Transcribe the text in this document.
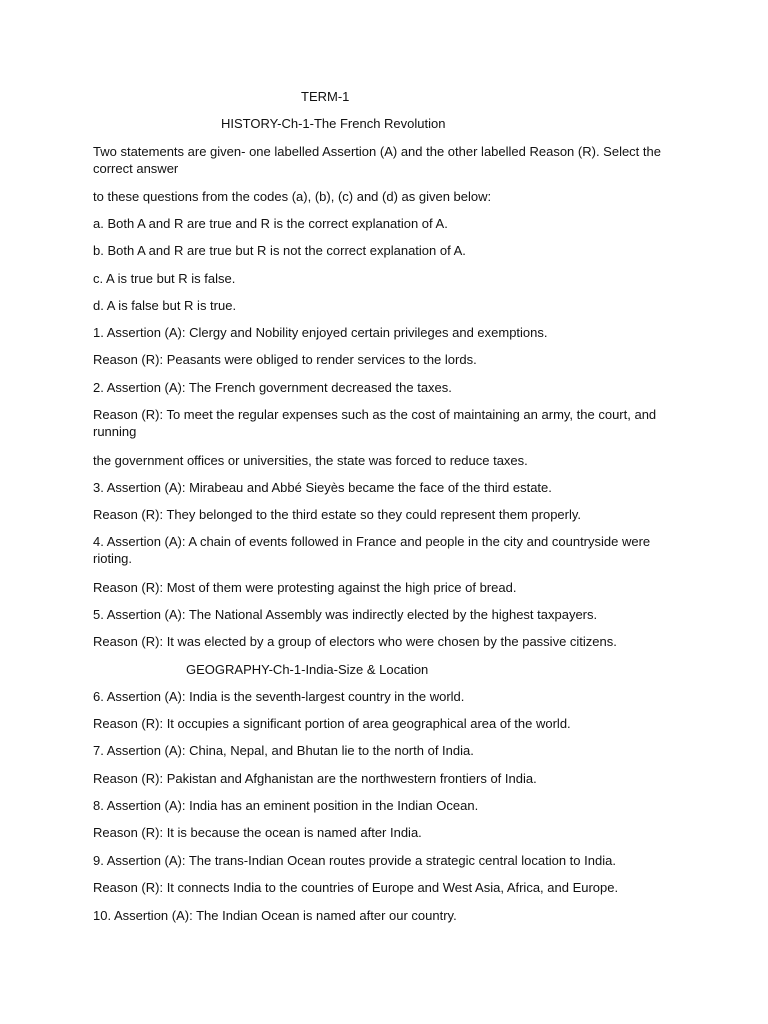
TERM-1
HISTORY-Ch-1-The French Revolution
Two statements are given- one labelled Assertion (A) and the other labelled Reason (R). Select the correct answer
to these questions from the codes (a), (b), (c) and (d) as given below:
a. Both A and R are true and R is the correct explanation of A.
b. Both A and R are true but R is not the correct explanation of A.
c. A is true but R is false.
d. A is false but R is true.
1. Assertion (A): Clergy and Nobility enjoyed certain privileges and exemptions.
Reason (R): Peasants were obliged to render services to the lords.
2. Assertion (A): The French government decreased the taxes.
Reason (R): To meet the regular expenses such as the cost of maintaining an army, the court, and running
the government offices or universities, the state was forced to reduce taxes.
3. Assertion (A): Mirabeau and Abbé Sieyès became the face of the third estate.
Reason (R): They belonged to the third estate so they could represent them properly.
4. Assertion (A): A chain of events followed in France and people in the city and countryside were rioting.
Reason (R): Most of them were protesting against the high price of bread.
5. Assertion (A): The National Assembly was indirectly elected by the highest taxpayers.
Reason (R): It was elected by a group of electors who were chosen by the passive citizens.
GEOGRAPHY-Ch-1-India-Size & Location
6. Assertion (A): India is the seventh-largest country in the world.
Reason (R): It occupies a significant portion of area geographical area of the world.
7. Assertion (A): China, Nepal, and Bhutan lie to the north of India.
Reason (R): Pakistan and Afghanistan are the northwestern frontiers of India.
8. Assertion (A): India has an eminent position in the Indian Ocean.
Reason (R): It is because the ocean is named after India.
9. Assertion (A): The trans-Indian Ocean routes provide a strategic central location to India.
Reason (R): It connects India to the countries of Europe and West Asia, Africa, and Europe.
10. Assertion (A): The Indian Ocean is named after our country.
